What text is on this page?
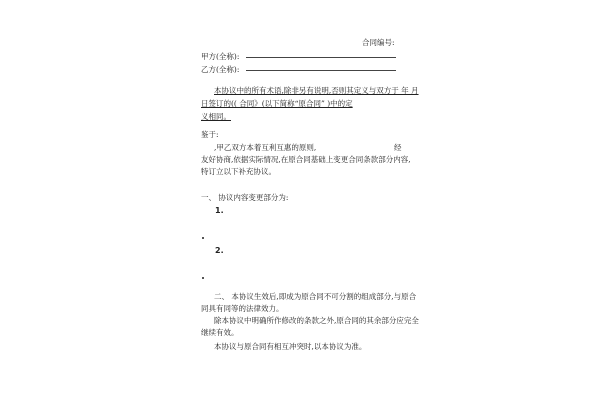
合同编号:
甲方(全称):
乙方(全称):
本协议中的所有术语,除非另有说明,否则其定义与双方于 年 月
日签订的(( 合同》(以下简称“原合同” )中的定
义相同。
鉴于:
,甲乙双方本着互利互惠的原则,	经
友好协商,依据实际情况,在原合同基础上变更合同条款部分内容,
特订立以下补充协议。
一、 协议内容变更部分为:
1.
2.
二、 本协议生效后,即成为原合同不可分割的组成部分,与原合
同具有同等的法律效力。
除本协议中明确所作修改的条款之外,原合同的其余部分应完全
继续有效。
本协议与原合同有相互冲突时,以本协议为准。
